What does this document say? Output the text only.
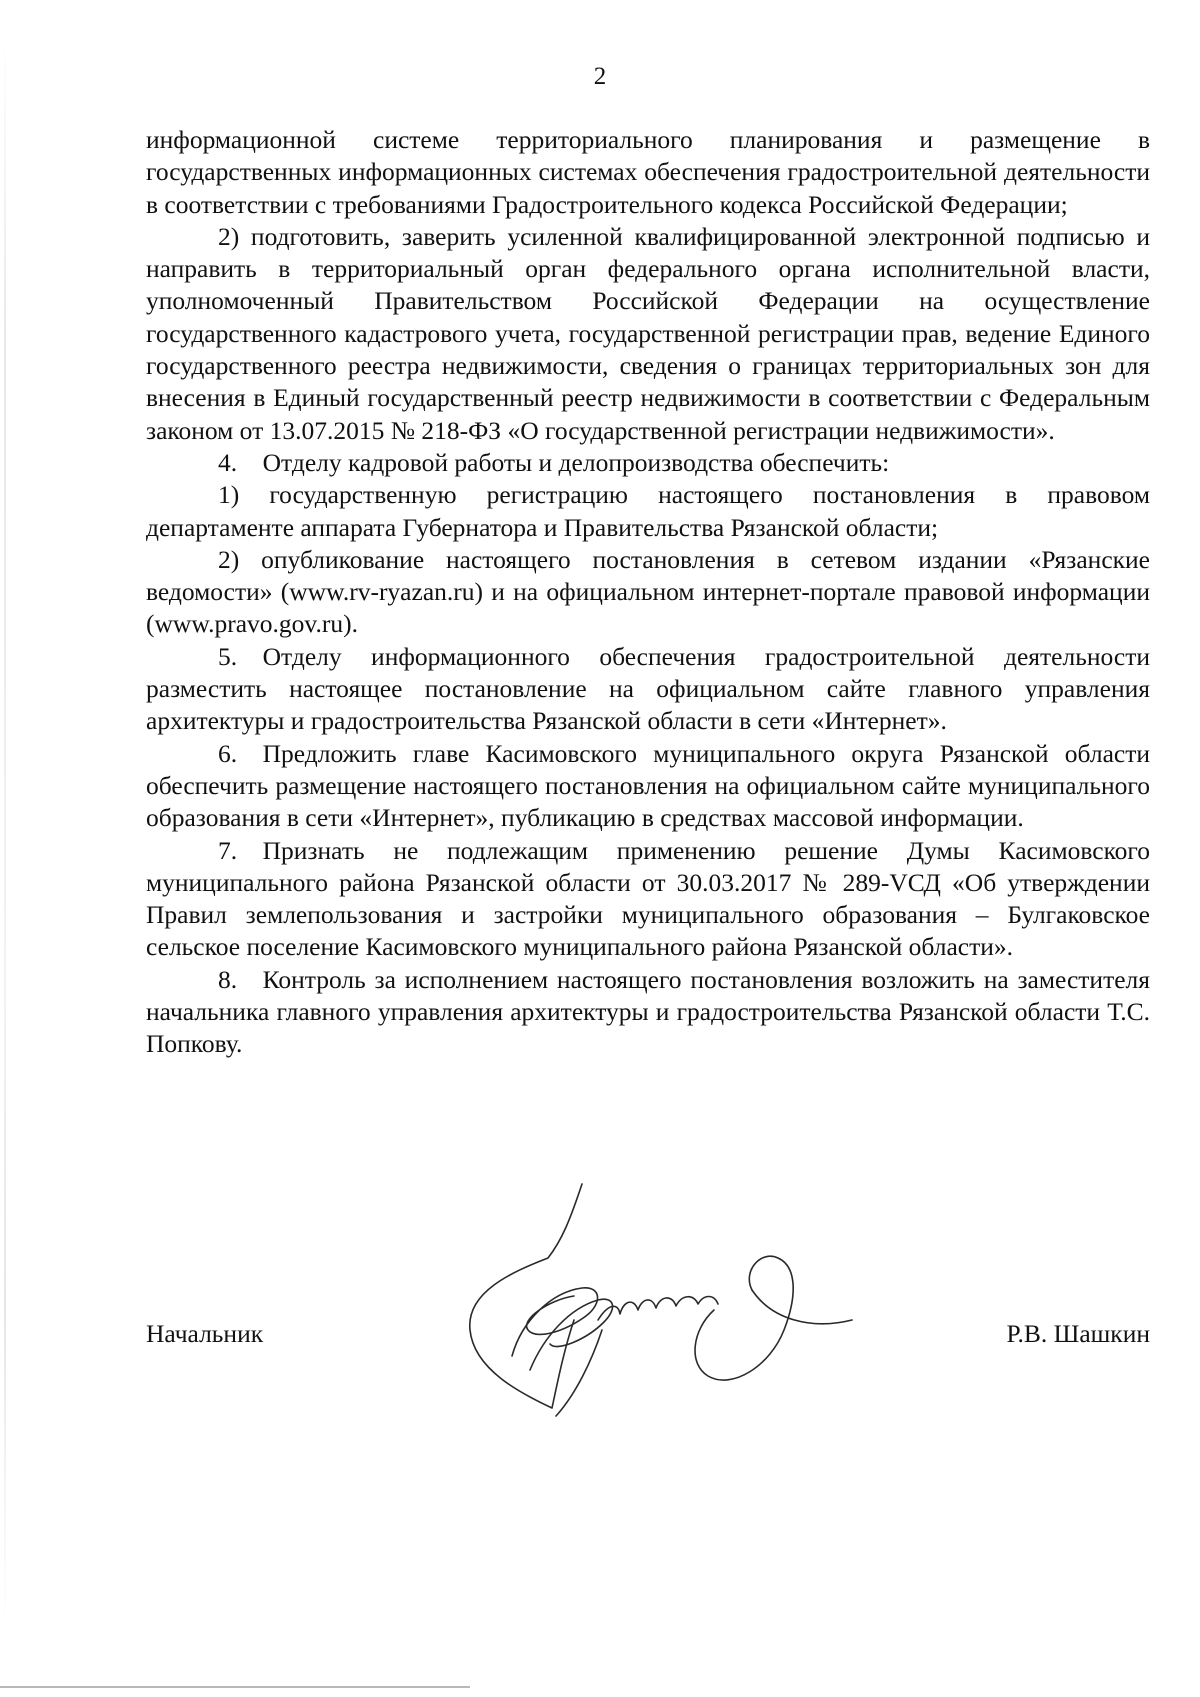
2

информационной системе территориального планирования и размещение в государственных информационных системах обеспечения градостроительной деятельности в соответствии с требованиями Градостроительного кодекса Российской Федерации;

2) подготовить, заверить усиленной квалифицированной электронной подписью и направить в территориальный орган федерального органа исполнительной власти, уполномоченный Правительством Российской Федерации на осуществление государственного кадастрового учета, государственной регистрации прав, ведение Единого государственного реестра недвижимости, сведения о границах территориальных зон для внесения в Единый государственный реестр недвижимости в соответствии с Федеральным законом от 13.07.2015 № 218-ФЗ «О государственной регистрации недвижимости».

4. Отделу кадровой работы и делопроизводства обеспечить:

1) государственную регистрацию настоящего постановления в правовом департаменте аппарата Губернатора и Правительства Рязанской области;

2) опубликование настоящего постановления в сетевом издании «Рязанские ведомости» (www.rv-ryazan.ru) и на официальном интернет-портале правовой информации (www.pravo.gov.ru).

5. Отделу информационного обеспечения градостроительной деятельности разместить настоящее постановление на официальном сайте главного управления архитектуры и градостроительства Рязанской области в сети «Интернет».

6. Предложить главе Касимовского муниципального округа Рязанской области обеспечить размещение настоящего постановления на официальном сайте муниципального образования в сети «Интернет», публикацию в средствах массовой информации.

7. Признать не подлежащим применению решение Думы Касимовского муниципального района Рязанской области от 30.03.2017 № 289-VСД «Об утверждении Правил землепользования и застройки муниципального образования – Булгаковское сельское поселение Касимовского муниципального района Рязанской области».

8. Контроль за исполнением настоящего постановления возложить на заместителя начальника главного управления архитектуры и градостроительства Рязанской области Т.С. Попкову.

Начальник	Р.В. Шашкин
